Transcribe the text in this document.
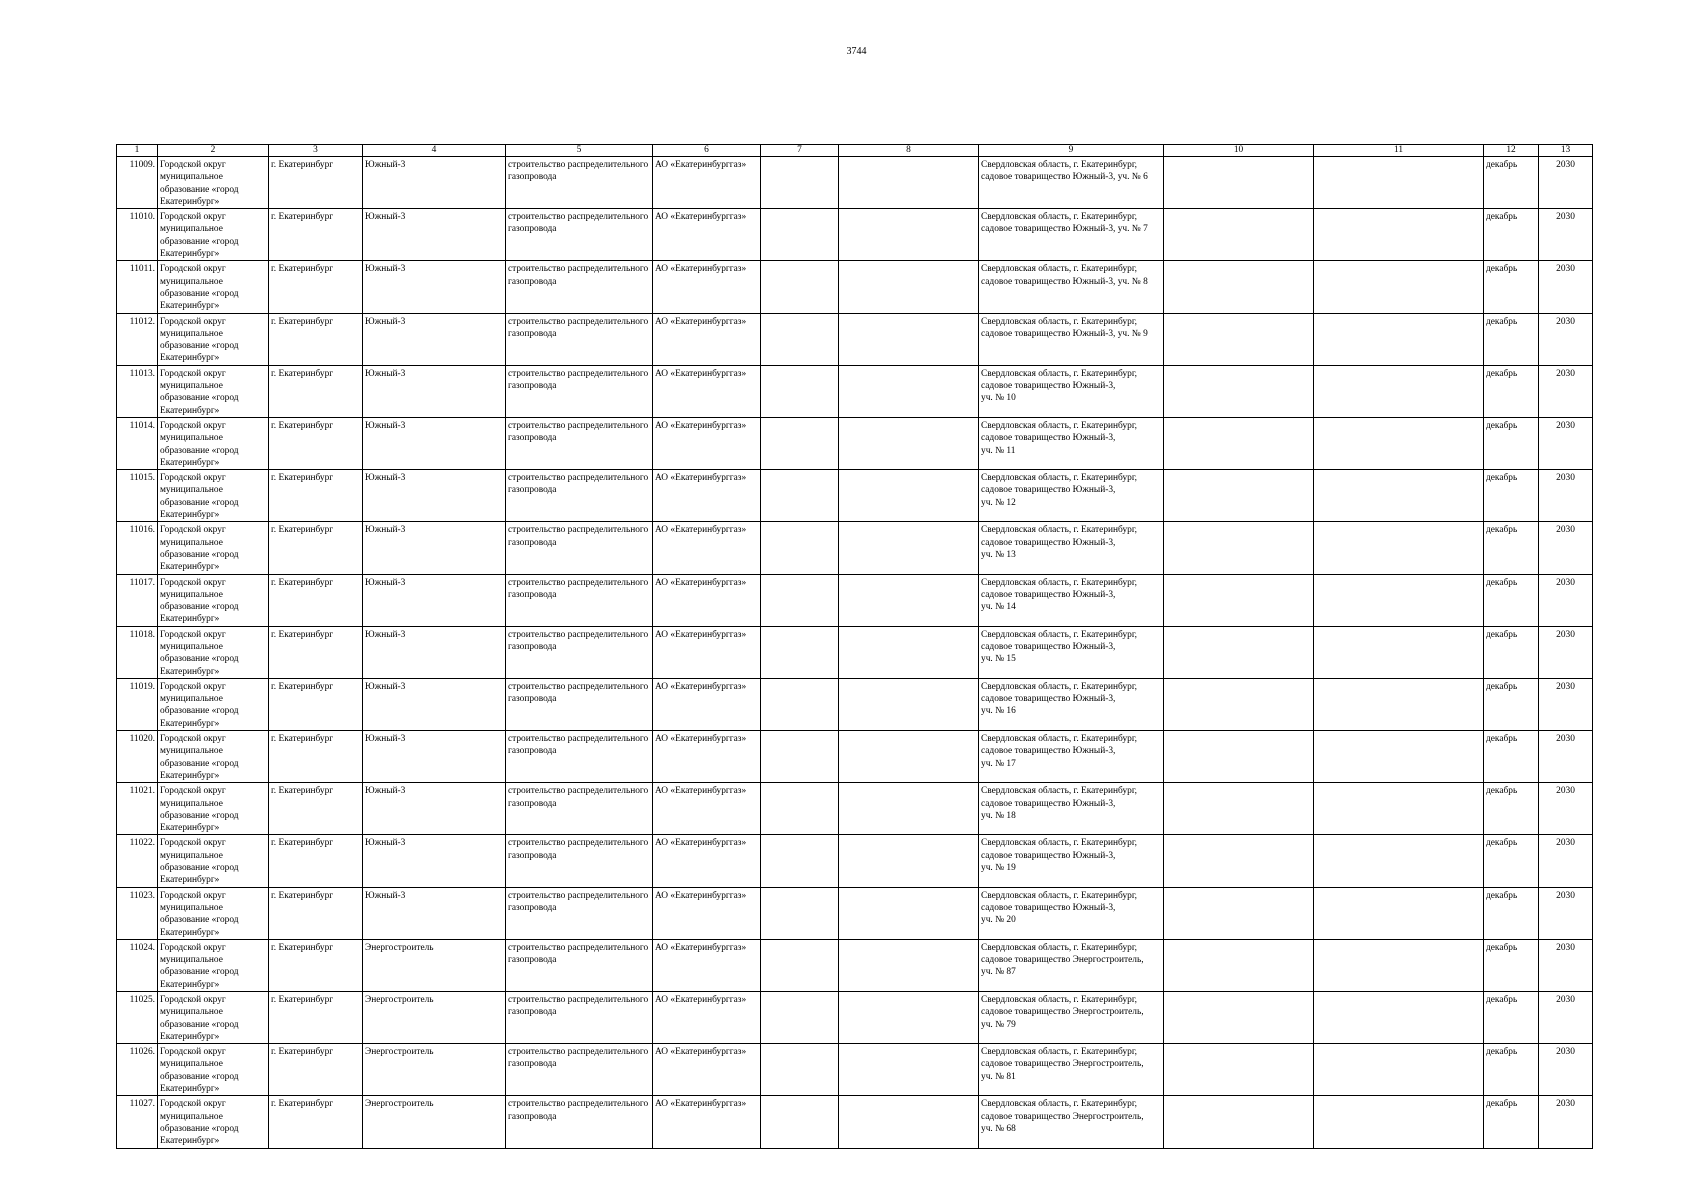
3744
1	2	3	4	5	6	7	8	9	10	11	12	13
11009.	Городской округ муниципальное образование «город Екатеринбург»	г. Екатеринбург	Южный-3	строительство распределительного газопровода	АО «Екатеринбурггаз»			Свердловская область, г. Екатеринбург,
садовое товарищество Южный-3, уч. № 6			декабрь	2030
11010.	Городской округ муниципальное образование «город Екатеринбург»	г. Екатеринбург	Южный-3	строительство распределительного газопровода	АО «Екатеринбурггаз»			Свердловская область, г. Екатеринбург,
садовое товарищество Южный-3, уч. № 7			декабрь	2030
11011.	Городской округ муниципальное образование «город Екатеринбург»	г. Екатеринбург	Южный-3	строительство распределительного газопровода	АО «Екатеринбурггаз»			Свердловская область, г. Екатеринбург,
садовое товарищество Южный-3, уч. № 8			декабрь	2030
11012.	Городской округ муниципальное образование «город Екатеринбург»	г. Екатеринбург	Южный-3	строительство распределительного газопровода	АО «Екатеринбурггаз»			Свердловская область, г. Екатеринбург,
садовое товарищество Южный-3, уч. № 9			декабрь	2030
11013.	Городской округ муниципальное образование «город Екатеринбург»	г. Екатеринбург	Южный-3	строительство распределительного газопровода	АО «Екатеринбурггаз»			Свердловская область, г. Екатеринбург,
садовое товарищество Южный-3,
уч. № 10			декабрь	2030
11014.	Городской округ муниципальное образование «город Екатеринбург»	г. Екатеринбург	Южный-3	строительство распределительного газопровода	АО «Екатеринбурггаз»			Свердловская область, г. Екатеринбург,
садовое товарищество Южный-3,
уч. № 11			декабрь	2030
11015.	Городской округ муниципальное образование «город Екатеринбург»	г. Екатеринбург	Южный-3	строительство распределительного газопровода	АО «Екатеринбурггаз»			Свердловская область, г. Екатеринбург,
садовое товарищество Южный-3,
уч. № 12			декабрь	2030
11016.	Городской округ муниципальное образование «город Екатеринбург»	г. Екатеринбург	Южный-3	строительство распределительного газопровода	АО «Екатеринбурггаз»			Свердловская область, г. Екатеринбург,
садовое товарищество Южный-3,
уч. № 13			декабрь	2030
11017.	Городской округ муниципальное образование «город Екатеринбург»	г. Екатеринбург	Южный-3	строительство распределительного газопровода	АО «Екатеринбурггаз»			Свердловская область, г. Екатеринбург,
садовое товарищество Южный-3,
уч. № 14			декабрь	2030
11018.	Городской округ муниципальное образование «город Екатеринбург»	г. Екатеринбург	Южный-3	строительство распределительного газопровода	АО «Екатеринбурггаз»			Свердловская область, г. Екатеринбург,
садовое товарищество Южный-3,
уч. № 15			декабрь	2030
11019.	Городской округ муниципальное образование «город Екатеринбург»	г. Екатеринбург	Южный-3	строительство распределительного газопровода	АО «Екатеринбурггаз»			Свердловская область, г. Екатеринбург,
садовое товарищество Южный-3,
уч. № 16			декабрь	2030
11020.	Городской округ муниципальное образование «город Екатеринбург»	г. Екатеринбург	Южный-3	строительство распределительного газопровода	АО «Екатеринбурггаз»			Свердловская область, г. Екатеринбург,
садовое товарищество Южный-3,
уч. № 17			декабрь	2030
11021.	Городской округ муниципальное образование «город Екатеринбург»	г. Екатеринбург	Южный-3	строительство распределительного газопровода	АО «Екатеринбурггаз»			Свердловская область, г. Екатеринбург,
садовое товарищество Южный-3,
уч. № 18			декабрь	2030
11022.	Городской округ муниципальное образование «город Екатеринбург»	г. Екатеринбург	Южный-3	строительство распределительного газопровода	АО «Екатеринбурггаз»			Свердловская область, г. Екатеринбург,
садовое товарищество Южный-3,
уч. № 19			декабрь	2030
11023.	Городской округ муниципальное образование «город Екатеринбург»	г. Екатеринбург	Южный-3	строительство распределительного газопровода	АО «Екатеринбурггаз»			Свердловская область, г. Екатеринбург,
садовое товарищество Южный-3,
уч. № 20			декабрь	2030
11024.	Городской округ муниципальное образование «город Екатеринбург»	г. Екатеринбург	Энергостроитель	строительство распределительного газопровода	АО «Екатеринбурггаз»			Свердловская область, г. Екатеринбург,
садовое товарищество Энергостроитель,
уч. № 87			декабрь	2030
11025.	Городской округ муниципальное образование «город Екатеринбург»	г. Екатеринбург	Энергостроитель	строительство распределительного газопровода	АО «Екатеринбурггаз»			Свердловская область, г. Екатеринбург,
садовое товарищество Энергостроитель,
уч. № 79			декабрь	2030
11026.	Городской округ муниципальное образование «город Екатеринбург»	г. Екатеринбург	Энергостроитель	строительство распределительного газопровода	АО «Екатеринбурггаз»			Свердловская область, г. Екатеринбург,
садовое товарищество Энергостроитель,
уч. № 81			декабрь	2030
11027.	Городской округ муниципальное образование «город Екатеринбург»	г. Екатеринбург	Энергостроитель	строительство распределительного газопровода	АО «Екатеринбурггаз»			Свердловская область, г. Екатеринбург,
садовое товарищество Энергостроитель,
уч. № 68			декабрь	2030
